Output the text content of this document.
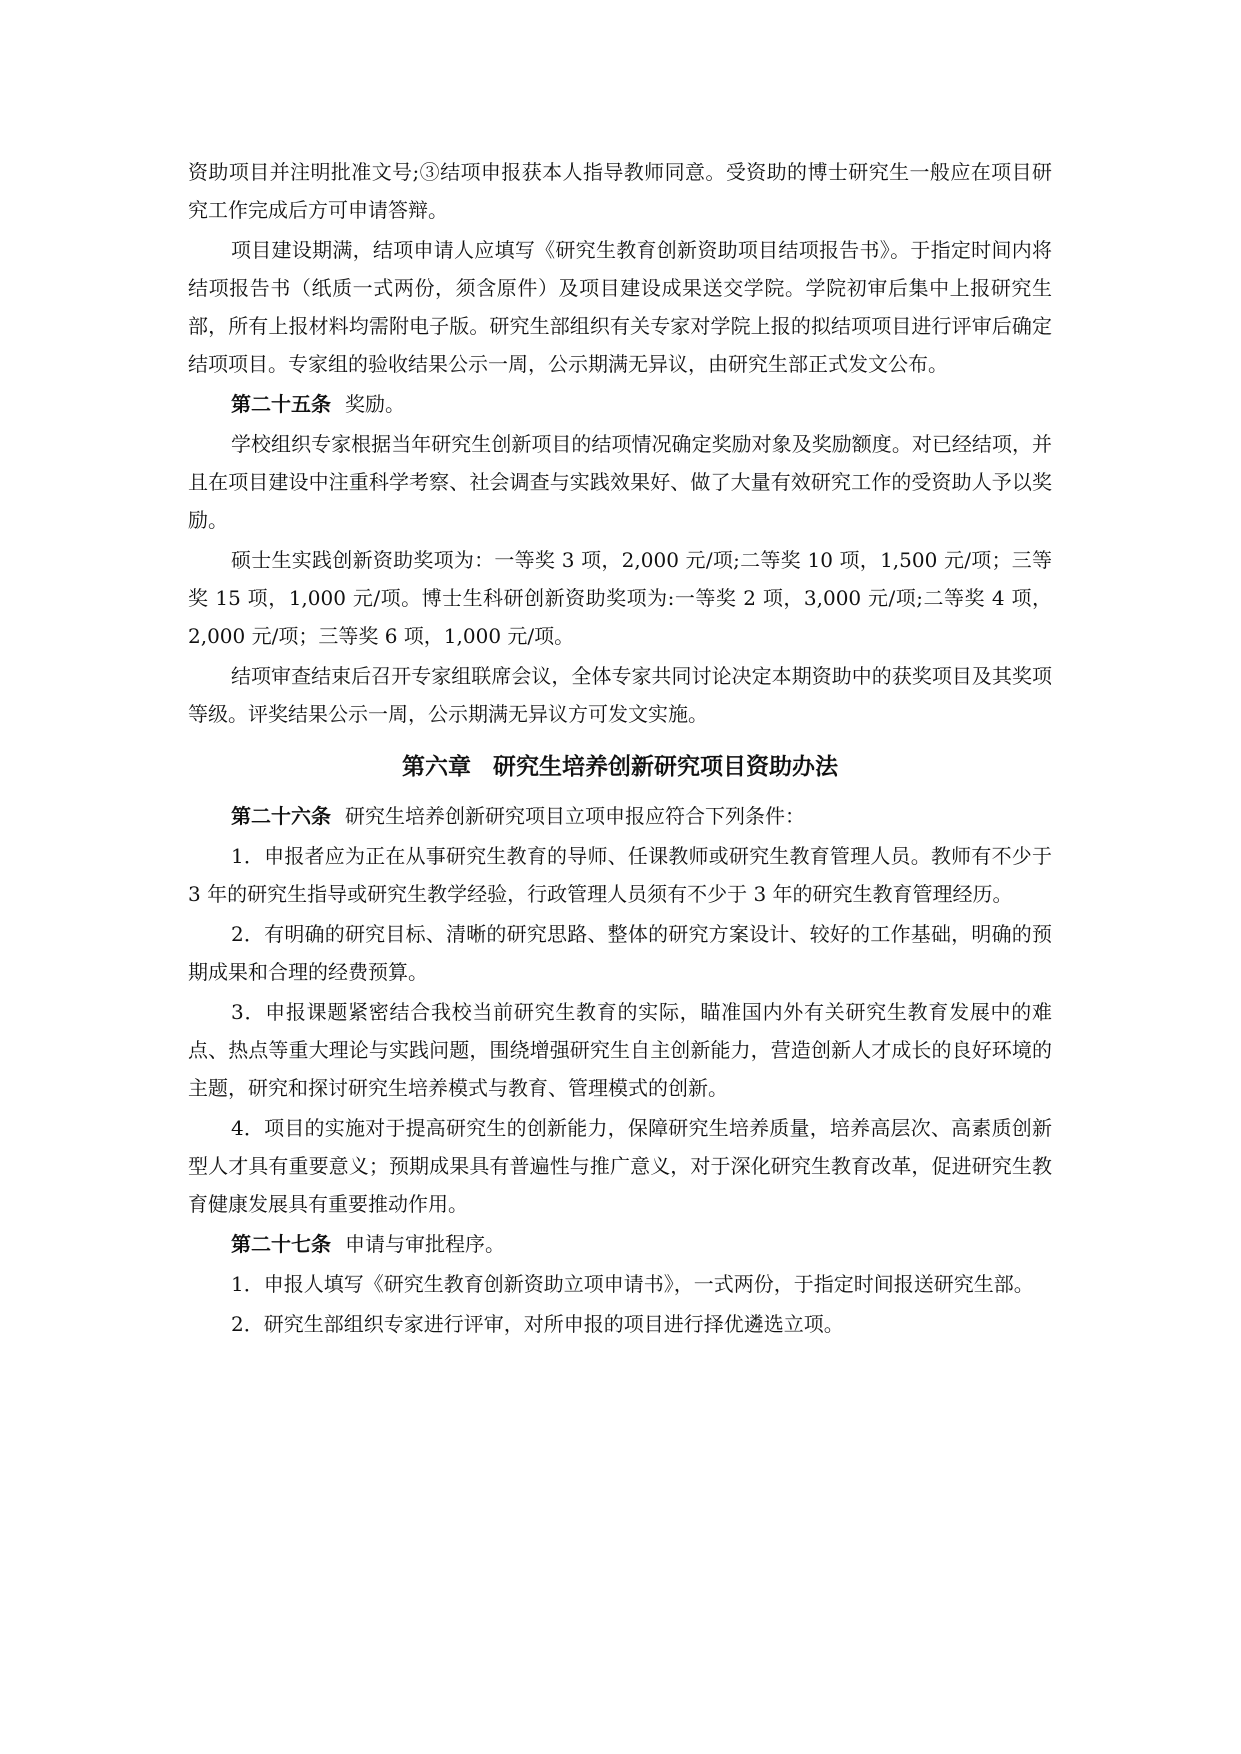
资助项目并注明批准文号;③结项申报获本人指导教师同意。受资助的博士研究生一般应在项目研究工作完成后方可申请答辩。

项目建设期满，结项申请人应填写《研究生教育创新资助项目结项报告书》。于指定时间内将结项报告书（纸质一式两份，须含原件）及项目建设成果送交学院。学院初审后集中上报研究生部，所有上报材料均需附电子版。研究生部组织有关专家对学院上报的拟结项项目进行评审后确定结项项目。专家组的验收结果公示一周，公示期满无异议，由研究生部正式发文公布。

第二十五条 奖励。

学校组织专家根据当年研究生创新项目的结项情况确定奖励对象及奖励额度。对已经结项，并且在项目建设中注重科学考察、社会调查与实践效果好、做了大量有效研究工作的受资助人予以奖励。

硕士生实践创新资助奖项为：一等奖 3 项，2,000 元/项;二等奖 10 项，1,500 元/项；三等奖 15 项，1,000 元/项。博士生科研创新资助奖项为:一等奖 2 项，3,000 元/项;二等奖 4 项，2,000 元/项；三等奖 6 项，1,000 元/项。

结项审查结束后召开专家组联席会议，全体专家共同讨论决定本期资助中的获奖项目及其奖项等级。评奖结果公示一周，公示期满无异议方可发文实施。

第六章 研究生培养创新研究项目资助办法

第二十六条 研究生培养创新研究项目立项申报应符合下列条件：

1．申报者应为正在从事研究生教育的导师、任课教师或研究生教育管理人员。教师有不少于 3 年的研究生指导或研究生教学经验，行政管理人员须有不少于 3 年的研究生教育管理经历。

2．有明确的研究目标、清晰的研究思路、整体的研究方案设计、较好的工作基础，明确的预期成果和合理的经费预算。

3．申报课题紧密结合我校当前研究生教育的实际，瞄准国内外有关研究生教育发展中的难点、热点等重大理论与实践问题，围绕增强研究生自主创新能力，营造创新人才成长的良好环境的主题，研究和探讨研究生培养模式与教育、管理模式的创新。

4．项目的实施对于提高研究生的创新能力，保障研究生培养质量，培养高层次、高素质创新型人才具有重要意义；预期成果具有普遍性与推广意义，对于深化研究生教育改革，促进研究生教育健康发展具有重要推动作用。

第二十七条 申请与审批程序。

1．申报人填写《研究生教育创新资助立项申请书》，一式两份，于指定时间报送研究生部。

2．研究生部组织专家进行评审，对所申报的项目进行择优遴选立项。
